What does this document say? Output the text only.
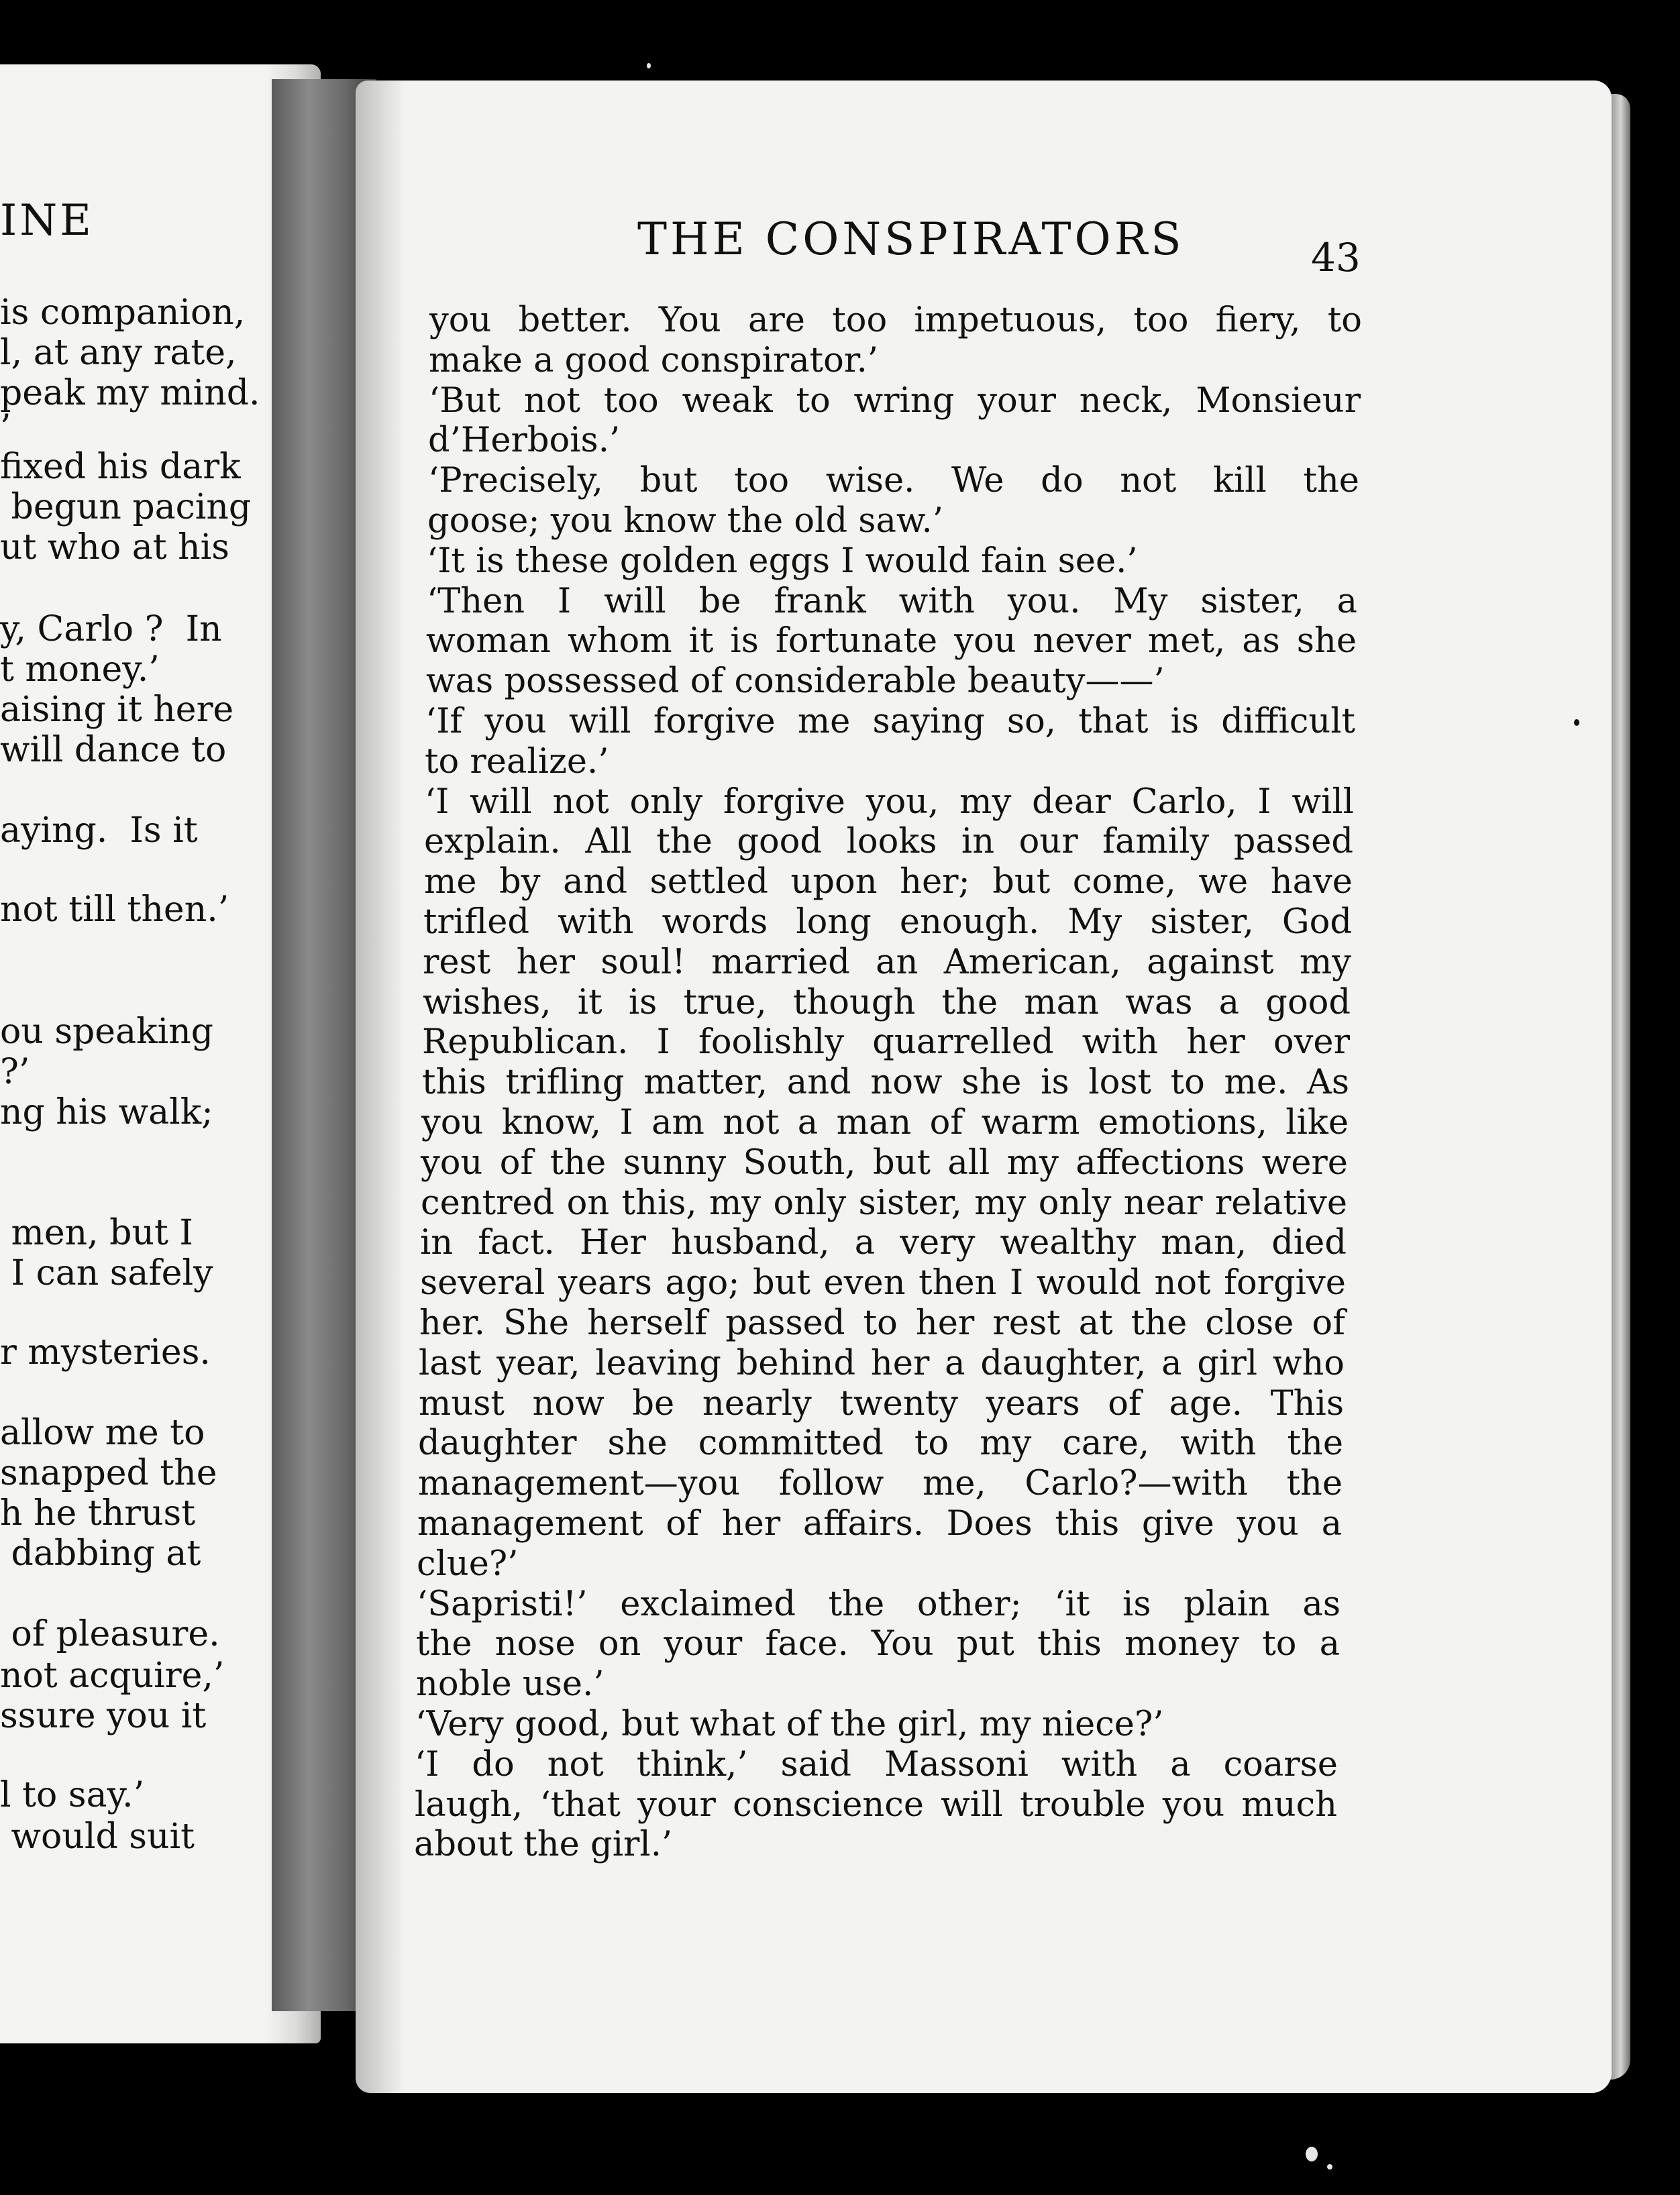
INE
is companion,
l, at any rate,
peak my mind.
’
fixed his dark
begun pacing
ut who at his
y, Carlo ?  In
t money.’
aising it here
will dance to
aying.  Is it
not till then.’
ou speaking
?’
ng his walk;
men, but I
I can safely
r mysteries.
allow me to
snapped the
h he thrust
dabbing at
of pleasure.
not acquire,’
ssure you it
l to say.’
would suit
THE CONSPIRATORS	43
you better. You are too impetuous, too fiery, to
make a good conspirator.’
‘But not too weak to wring your neck, Monsieur
d’Herbois.’
‘Precisely, but too wise. We do not kill the
goose; you know the old saw.’
‘It is these golden eggs I would fain see.’
‘Then I will be frank with you. My sister, a
woman whom it is fortunate you never met, as she
was possessed of considerable beauty——’
‘If you will forgive me saying so, that is difficult
to realize.’
‘I will not only forgive you, my dear Carlo, I will
explain. All the good looks in our family passed
me by and settled upon her; but come, we have
trifled with words long enough. My sister, God
rest her soul! married an American, against my
wishes, it is true, though the man was a good
Republican. I foolishly quarrelled with her over
this trifling matter, and now she is lost to me. As
you know, I am not a man of warm emotions, like
you of the sunny South, but all my affections were
centred on this, my only sister, my only near relative
in fact. Her husband, a very wealthy man, died
several years ago; but even then I would not forgive
her. She herself passed to her rest at the close of
last year, leaving behind her a daughter, a girl who
must now be nearly twenty years of age. This
daughter she committed to my care, with the
management—you follow me, Carlo?—with the
management of her affairs. Does this give you a
clue?’
‘Sapristi!’ exclaimed the other; ‘it is plain as
the nose on your face. You put this money to a
noble use.’
‘Very good, but what of the girl, my niece?’
‘I do not think,’ said Massoni with a coarse
laugh, ‘that your conscience will trouble you much
about the girl.’
